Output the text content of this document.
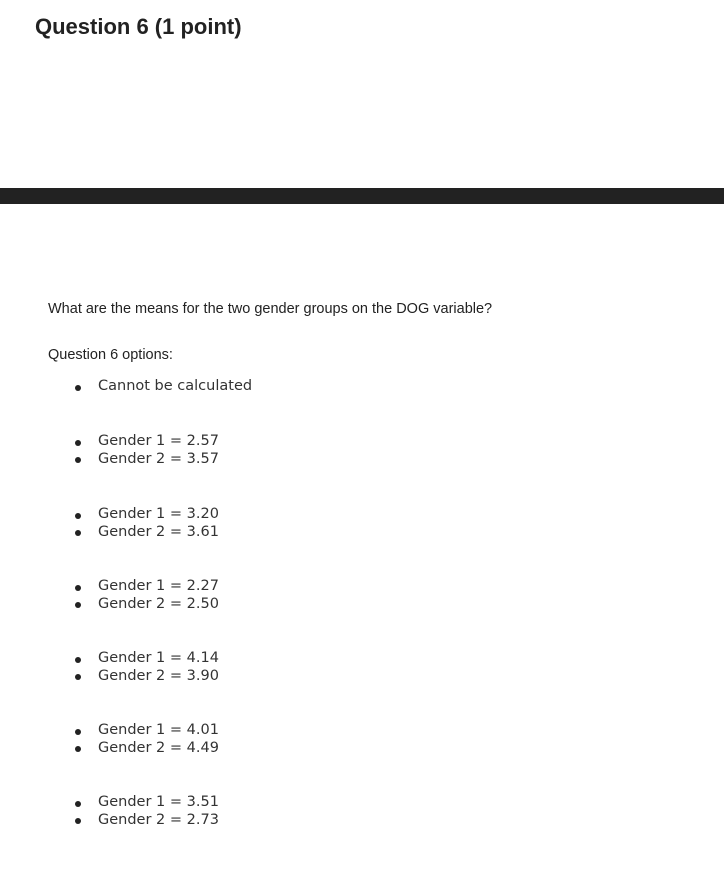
Question 6 (1 point)

What are the means for the two gender groups on the DOG variable?

Question 6 options:

Cannot be calculated
Gender 1 = 2.57
Gender 2 = 3.57
Gender 1 = 3.20
Gender 2 = 3.61
Gender 1 = 2.27
Gender 2 = 2.50
Gender 1 = 4.14
Gender 2 = 3.90
Gender 1 = 4.01
Gender 2 = 4.49
Gender 1 = 3.51
Gender 2 = 2.73
